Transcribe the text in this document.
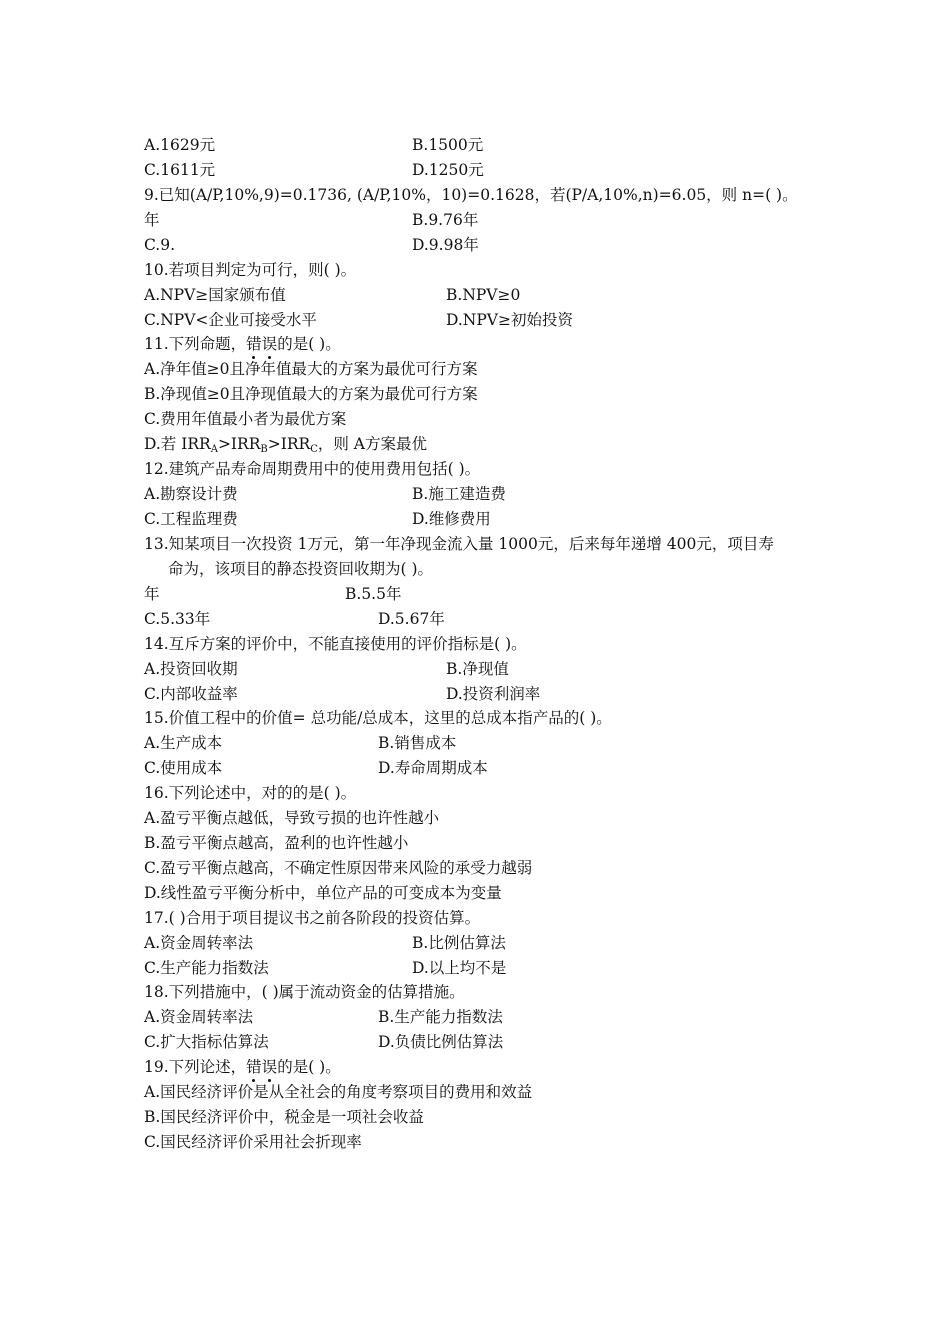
A.1629元	B.1500元
C.1611元	D.1250元
9.已知(A/P,10%,9)=0.1736, (A/P,10%，10)=0.1628，若(P/A,10%,n)=6.05，则 n=( )。
年	B.9.76年
C.9.	D.9.98年
10.若项目判定为可行，则( )。
A.NPV≥国家颁布值	B.NPV≥0
C.NPV<企业可接受水平	D.NPV≥初始投资
11.下列命题，错误的是( )。
A.净年值≥0且净年值最大的方案为最优可行方案
B.净现值≥0且净现值最大的方案为最优可行方案
C.费用年值最小者为最优方案
D.若 $IRR_A>IRR_B>IRR_C$，则 A方案最优
12.建筑产品寿命周期费用中的使用费用包括( )。
A.勘察设计费	B.施工建造费
C.工程监理费	D.维修费用
13.知某项目一次投资 1万元，第一年净现金流入量 1000元，后来每年递增 400元，项目寿
命为，该项目的静态投资回收期为( )。
年	B.5.5年
C.5.33年	D.5.67年
14.互斥方案的评价中，不能直接使用的评价指标是( )。
A.投资回收期	B.净现值
C.内部收益率	D.投资利润率
15.价值工程中的价值= 总功能/总成本，这里的总成本指产品的( )。
A.生产成本	B.销售成本
C.使用成本	D.寿命周期成本
16.下列论述中，对的的是( )。
A.盈亏平衡点越低，导致亏损的也许性越小
B.盈亏平衡点越高，盈利的也许性越小
C.盈亏平衡点越高，不确定性原因带来风险的承受力越弱
D.线性盈亏平衡分析中，单位产品的可变成本为变量
17.( )合用于项目提议书之前各阶段的投资估算。
A.资金周转率法	B.比例估算法
C.生产能力指数法	D.以上均不是
18.下列措施中，( )属于流动资金的估算措施。
A.资金周转率法	B.生产能力指数法
C.扩大指标估算法	D.负债比例估算法
19.下列论述，错误的是( )。
A.国民经济评价是从全社会的角度考察项目的费用和效益
B.国民经济评价中，税金是一项社会收益
C.国民经济评价采用社会折现率
